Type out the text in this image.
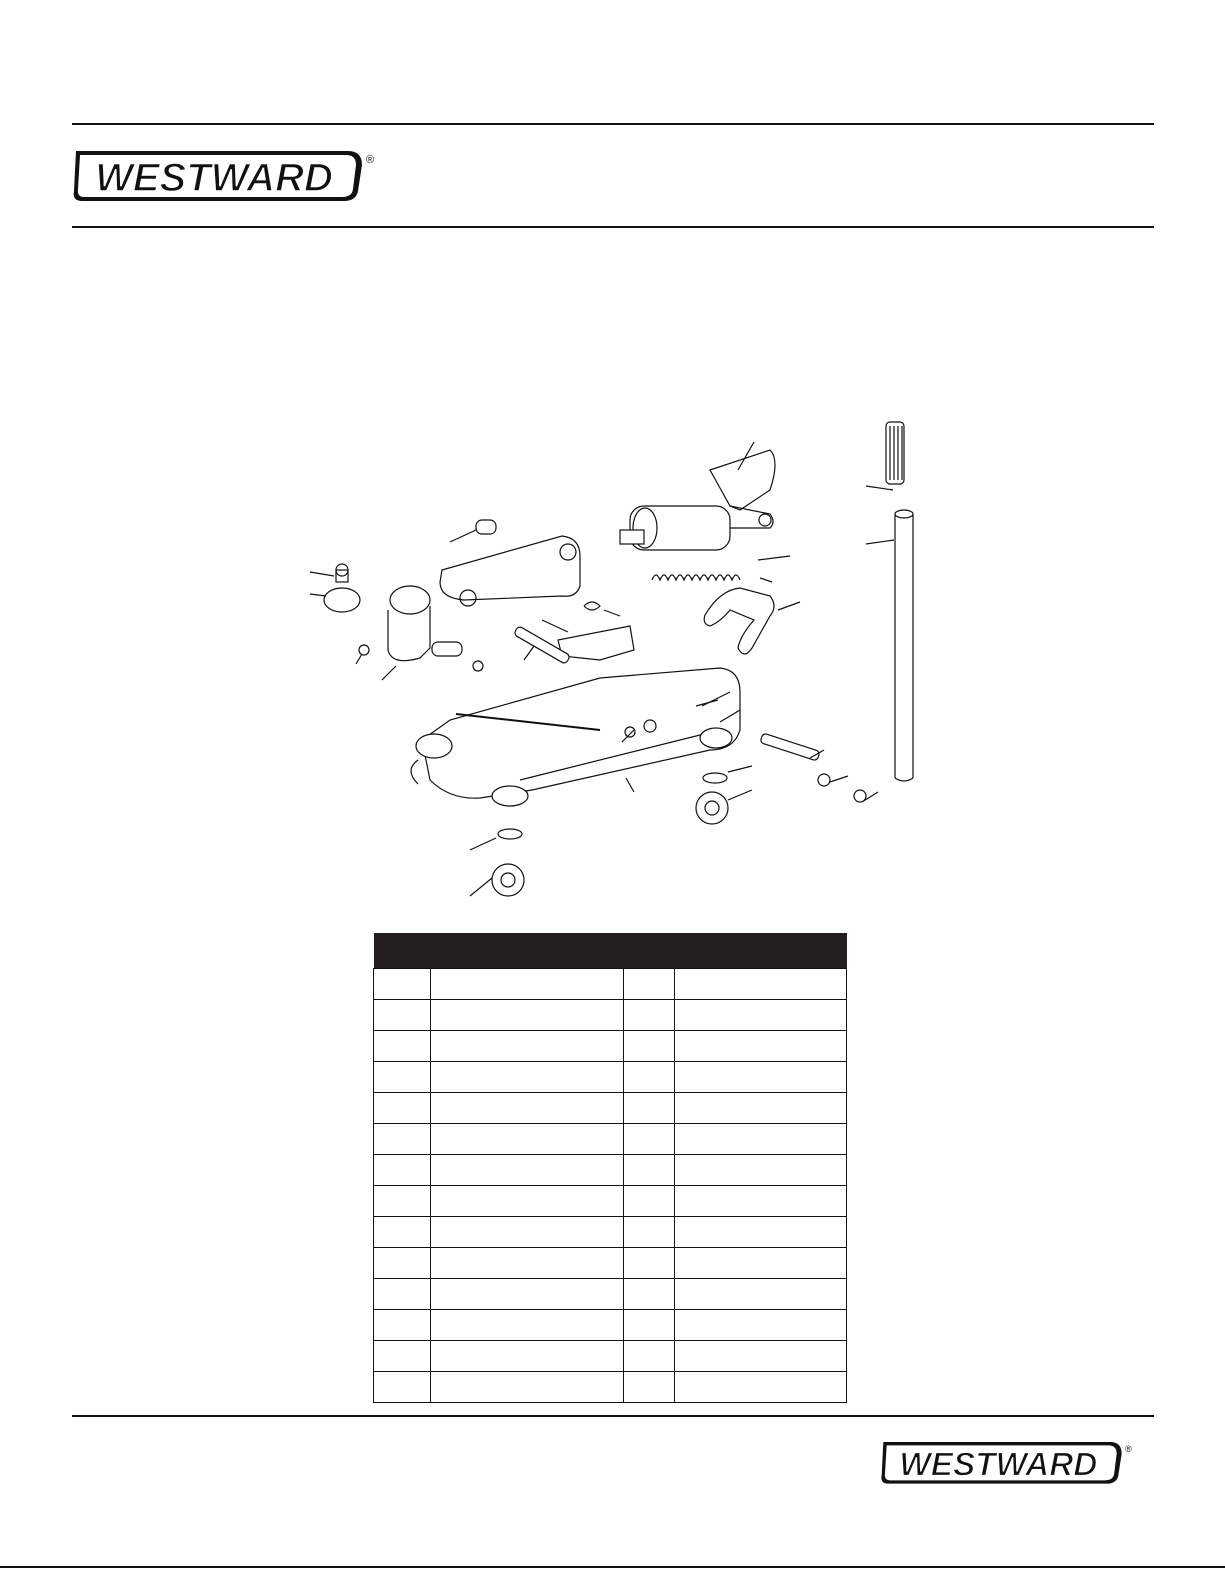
WESTWARD	®

WESTWARD	®
